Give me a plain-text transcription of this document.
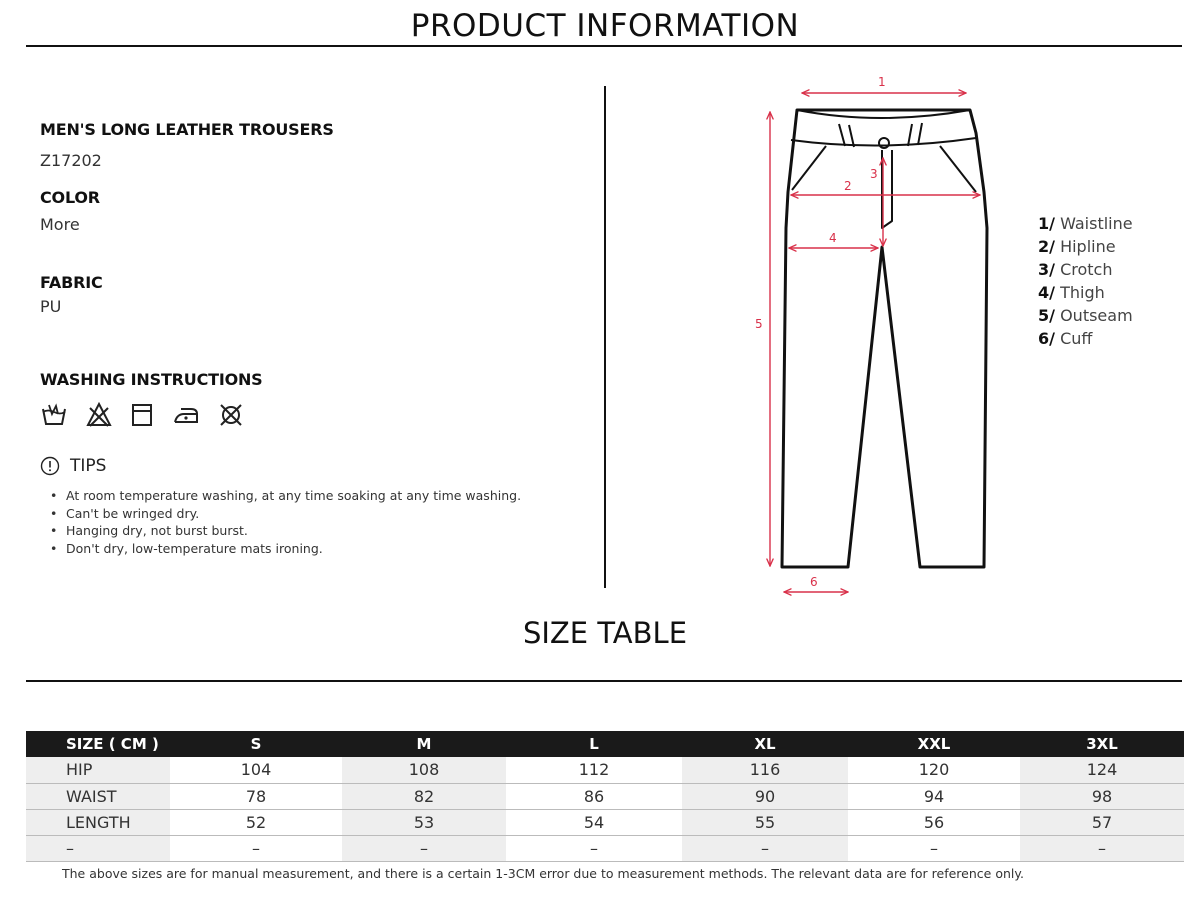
PRODUCT INFORMATION
MEN'S LONG LEATHER TROUSERS
Z17202
COLOR
More
FABRIC
PU
WASHING INSTRUCTIONS
TIPS
• At room temperature washing, at any time soaking at any time washing.
• Can't be wringed dry.
• Hanging dry, not burst burst.
• Don't dry, low-temperature mats ironing.
1
2
3
4
5
6
1/ Waistline
2/ Hipline
3/ Crotch
4/ Thigh
5/ Outseam
6/ Cuff
SIZE TABLE
SIZE ( CM )	S	M	L	XL	XXL	3XL
HIP	104	108	112	116	120	124
WAIST	78	82	86	90	94	98
LENGTH	52	53	54	55	56	57
–	–	–	–	–	–	–
The above sizes are for manual measurement, and there is a certain 1-3CM error due to measurement methods. The relevant data are for reference only.
